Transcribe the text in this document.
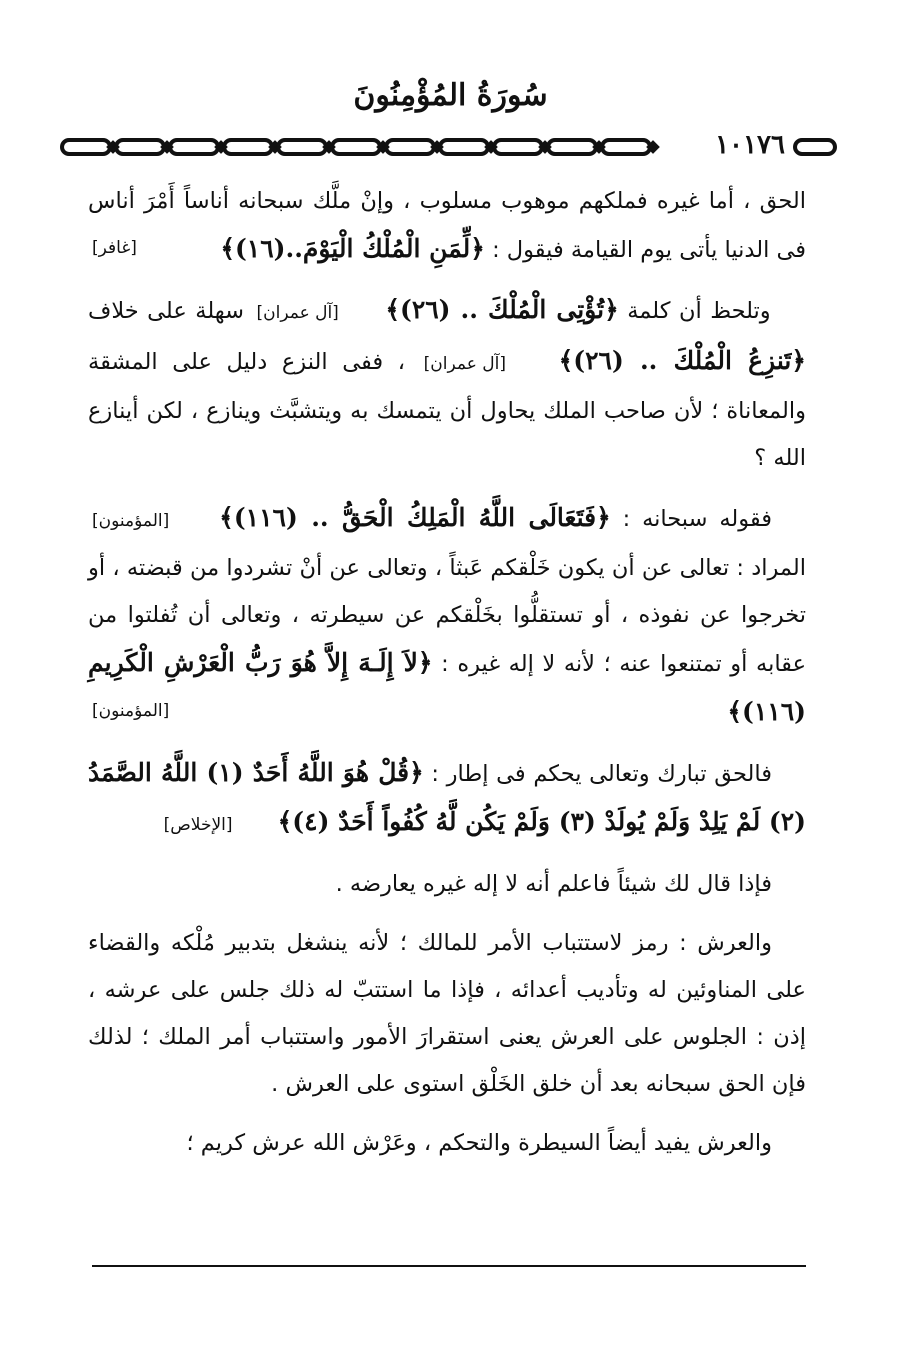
سُورَةُ المُؤْمِنُونَ
١٠١٧٦

الحق ، أما غيره فملكهم موهوب مسلوب ، وإنْ ملَّك سبحانه أناساً أَمْرَ أناس فى الدنيا يأتى يوم القيامة فيقول : ﴿لِّمَنِ الْمُلْكُ الْيَوْمَ..(١٦)﴾
[غافر]

وتلحظ أن كلمة ﴿تُؤْتِى الْمُلْكَ .. (٢٦)﴾ [آل عمران] سهلة على خلاف ﴿تَنزِعُ الْمُلْكَ .. (٢٦)﴾ [آل عمران] ، ففى النزع دليل على المشقة والمعاناة ؛ لأن صاحب الملك يحاول أن يتمسك به ويتشبَّث وينازع ، لكن أينازع الله ؟

فقوله سبحانه : ﴿فَتَعَالَى اللَّهُ الْمَلِكُ الْحَقُّ .. (١١٦)﴾ [المؤمنون] المراد : تعالى عن أن يكون خَلْقكم عَبثاً ، وتعالى عن أنْ تشردوا من قبضته ، أو تخرجوا عن نفوذه ، أو تستقلُّوا بخَلْقكم عن سيطرته ، وتعالى أن تُفلتوا من عقابه أو تمتنعوا عنه ؛ لأنه لا إله غيره : ﴿لاَ إِلَـهَ إِلاَّ هُوَ رَبُّ الْعَرْشِ الْكَرِيمِ (١١٦)﴾
[المؤمنون]

فالحق تبارك وتعالى يحكم فى إطار : ﴿قُلْ هُوَ اللَّهُ أَحَدٌ (١) اللَّهُ الصَّمَدُ (٢) لَمْ يَلِدْ وَلَمْ يُولَدْ (٣) وَلَمْ يَكُن لَّهُ كُفُواً أَحَدٌ (٤)﴾ [الإخلاص]

فإذا قال لك شيئاً فاعلم أنه لا إله غيره يعارضه .

والعرش : رمز لاستتباب الأمر للمالك ؛ لأنه ينشغل بتدبير مُلْكه والقضاء على المناوئين له وتأديب أعدائه ، فإذا ما استتبّ له ذلك جلس على عرشه ، إذن : الجلوس على العرش يعنى استقرارَ الأمور واستتباب أمر الملك ؛ لذلك فإن الحق سبحانه بعد أن خلق الخَلْق استوى على العرش .

والعرش يفيد أيضاً السيطرة والتحكم ، وعَرْش الله عرش كريم ؛
